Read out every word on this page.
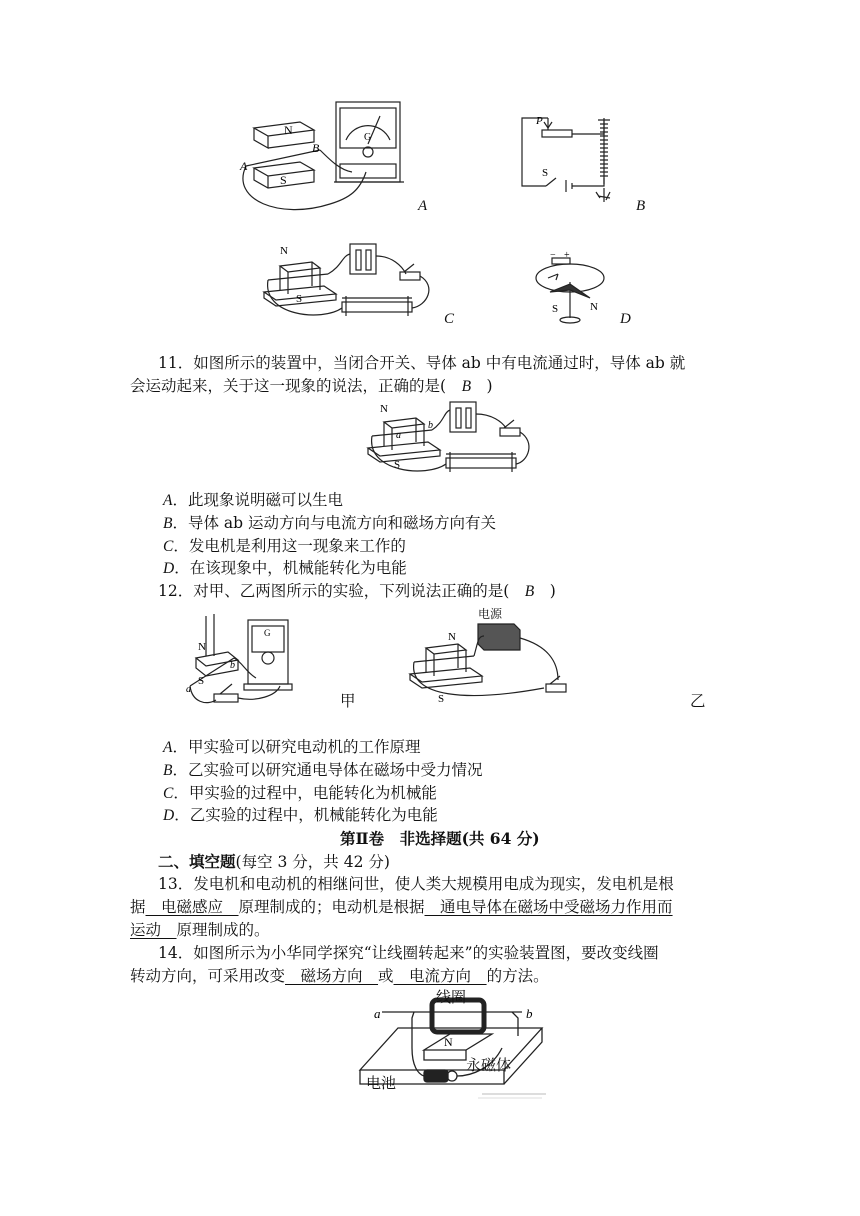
N
S
A
B
G
A
P
S
B
N
S
C
− +
S	N
D
11．如图所示的装置中，当闭合开关、导体 ab 中有电流通过时，导体 ab 就
会运动起来，关于这一现象的说法，正确的是(　B　)
N
S
a
b
A．此现象说明磁可以生电
B．导体 ab 运动方向与电流方向和磁场方向有关
C．发电机是利用这一现象来工作的
D．在该现象中，机械能转化为电能
12．对甲、乙两图所示的实验，下列说法正确的是(　B　)
N
S
a
b
G
甲
N
S
电源
乙
A．甲实验可以研究电动机的工作原理
B．乙实验可以研究通电导体在磁场中受力情况
C．甲实验的过程中，电能转化为机械能
D．乙实验的过程中，机械能转化为电能
第Ⅱ卷　非选择题(共 64 分)
二、填空题(每空 3 分，共 42 分)
13．发电机和电动机的相继问世，使人类大规模用电成为现实，发电机是根
据__电磁感应__原理制成的；电动机是根据__通电导体在磁场中受磁场力作用而
运动__原理制成的。
14．如图所示为小华同学探究“让线圈转起来”的实验装置图，要改变线圈
转动方向，可采用改变__磁场方向__或__电流方向__的方法。
a	b
N
线圈
永磁体
电池
